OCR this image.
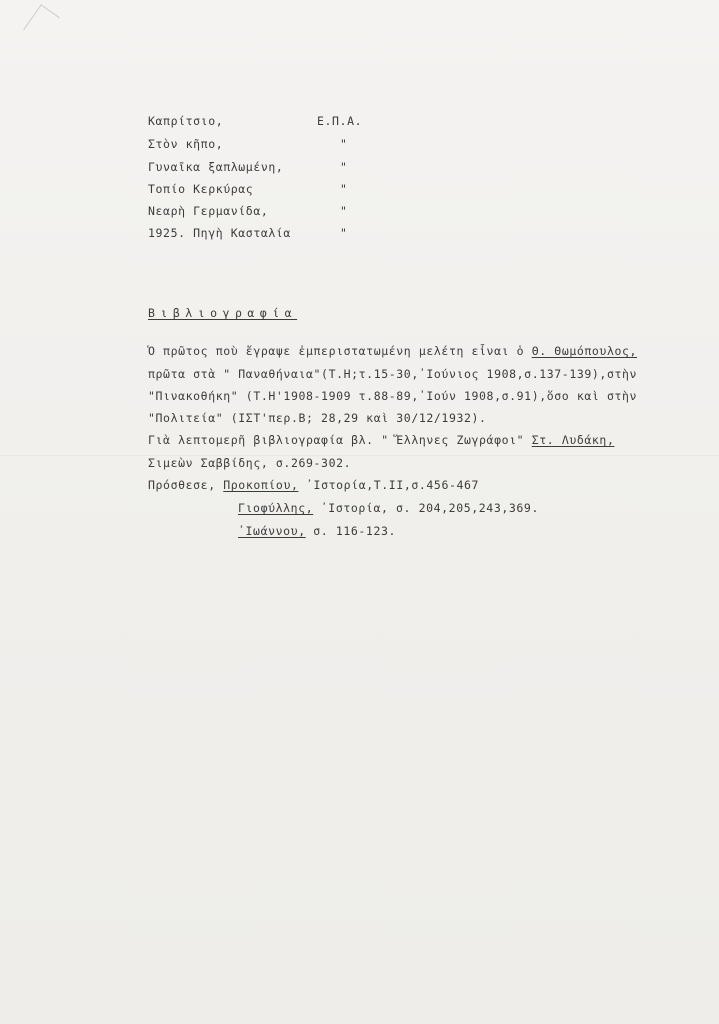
Καπρίτσιο,	Ε.Π.Α.

Στὸν κῆπο,	"

Γυναῖκα ξαπλωμένη,	"

Τοπίο Κερκύρας	"

Νεαρὴ Γερμανίδα,	"

1925. Πηγὴ Κασταλία	"

Βιβλιογραφία

Ὁ πρῶτος ποὺ ἔγραψε ἐμπεριστατωμένη μελέτη εἶναι ὁ Θ. Θωμόπουλος,

πρῶτα στὰ " Παναθήναια"(Τ.Η;τ.15-30,᾿Ιούνιος 1908,σ.137-139),στὴν

"Πινακοθήκη" (Τ.Η'1908-1909 τ.88-89,᾿Ιούν 1908,σ.91),ὅσο καὶ στὴν

"Πολιτεία" (ΙΣΤ'περ.Β; 28,29 καὶ 30/12/1932).

Γιὰ λεπτομερῆ βιβλιογραφία βλ. " Ἕλληνες Ζωγράφοι" Στ. Λυδάκη,

Σιμεὼν Σαββίδης, σ.269-302.

Πρόσθεσε, Προκοπίου, ᾿Ιστορία,Τ.ΙΙ,σ.456-467

Γιοφύλλης, ᾿Ιστορία, σ. 204,205,243,369.

᾿Ιωάννου, σ. 116-123.
